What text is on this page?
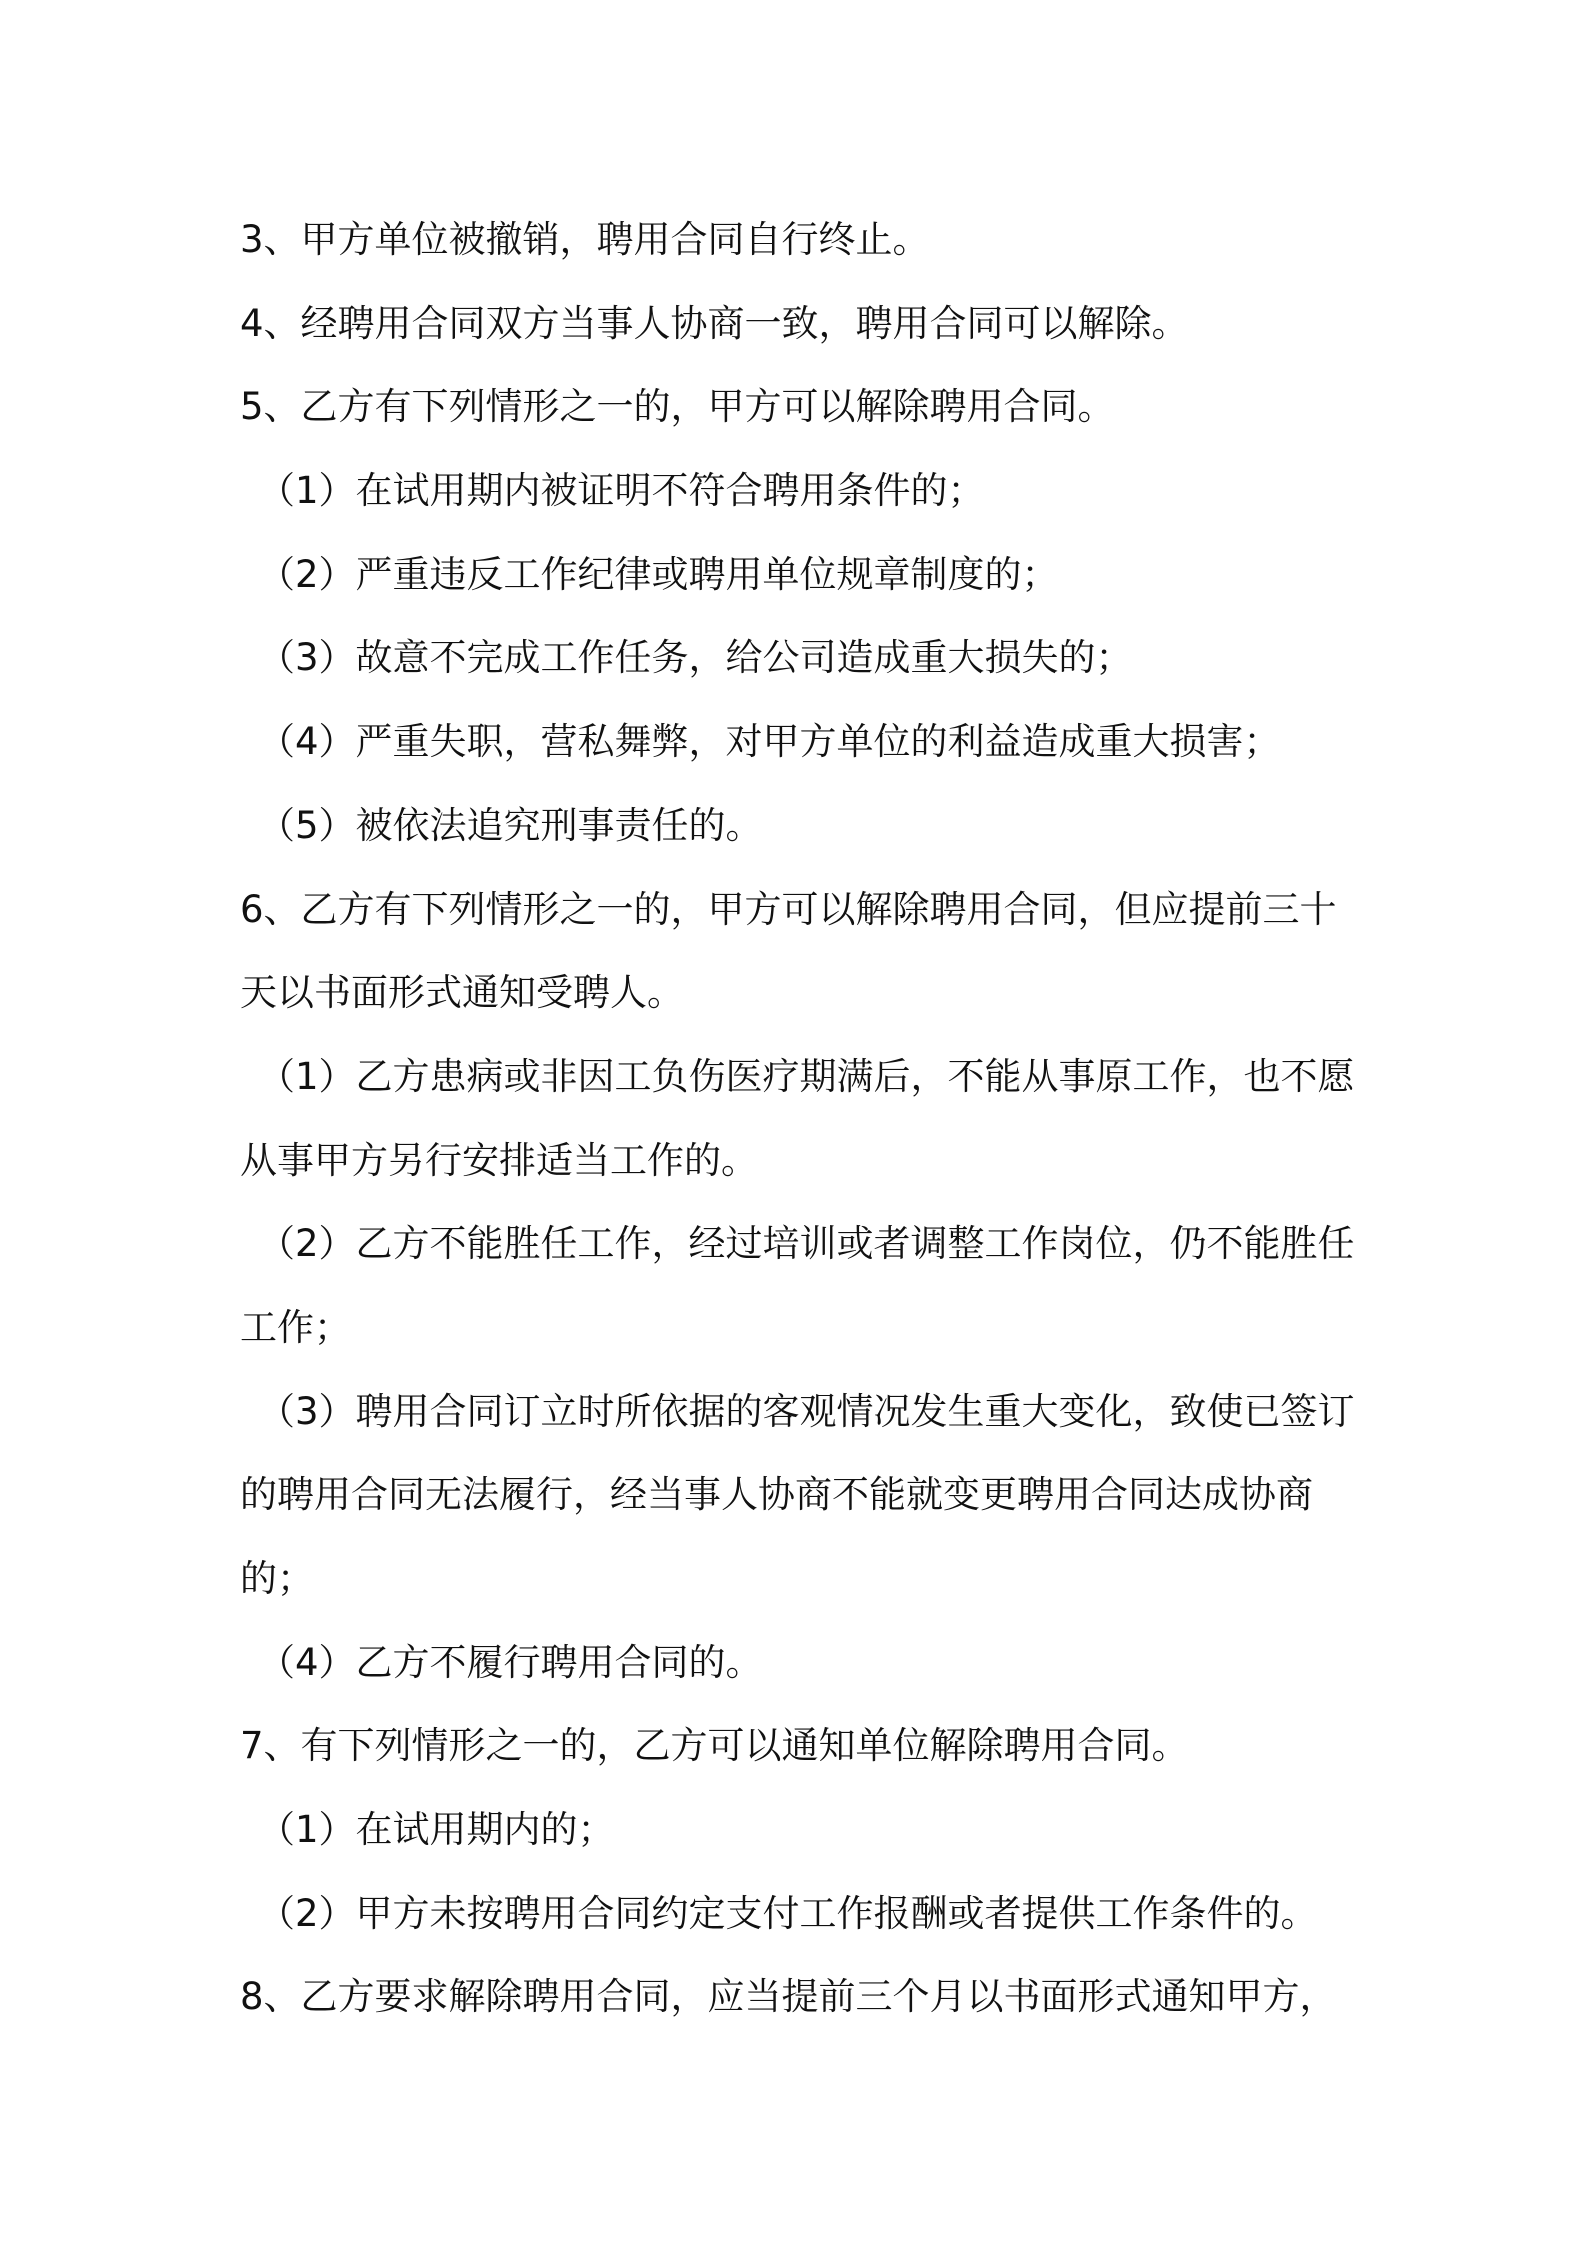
3、甲方单位被撤销，聘用合同自行终止。
4、经聘用合同双方当事人协商一致，聘用合同可以解除。
5、乙方有下列情形之一的，甲方可以解除聘用合同。
（1）在试用期内被证明不符合聘用条件的；
（2）严重违反工作纪律或聘用单位规章制度的；
（3）故意不完成工作任务，给公司造成重大损失的；
（4）严重失职，营私舞弊，对甲方单位的利益造成重大损害；
（5）被依法追究刑事责任的。
6、乙方有下列情形之一的，甲方可以解除聘用合同，但应提前三十
天以书面形式通知受聘人。
（1）乙方患病或非因工负伤医疗期满后，不能从事原工作，也不愿
从事甲方另行安排适当工作的。
（2）乙方不能胜任工作，经过培训或者调整工作岗位，仍不能胜任
工作；
（3）聘用合同订立时所依据的客观情况发生重大变化，致使已签订
的聘用合同无法履行，经当事人协商不能就变更聘用合同达成协商
的；
（4）乙方不履行聘用合同的。
7、有下列情形之一的，乙方可以通知单位解除聘用合同。
（1）在试用期内的；
（2）甲方未按聘用合同约定支付工作报酬或者提供工作条件的。
8、乙方要求解除聘用合同，应当提前三个月以书面形式通知甲方，
